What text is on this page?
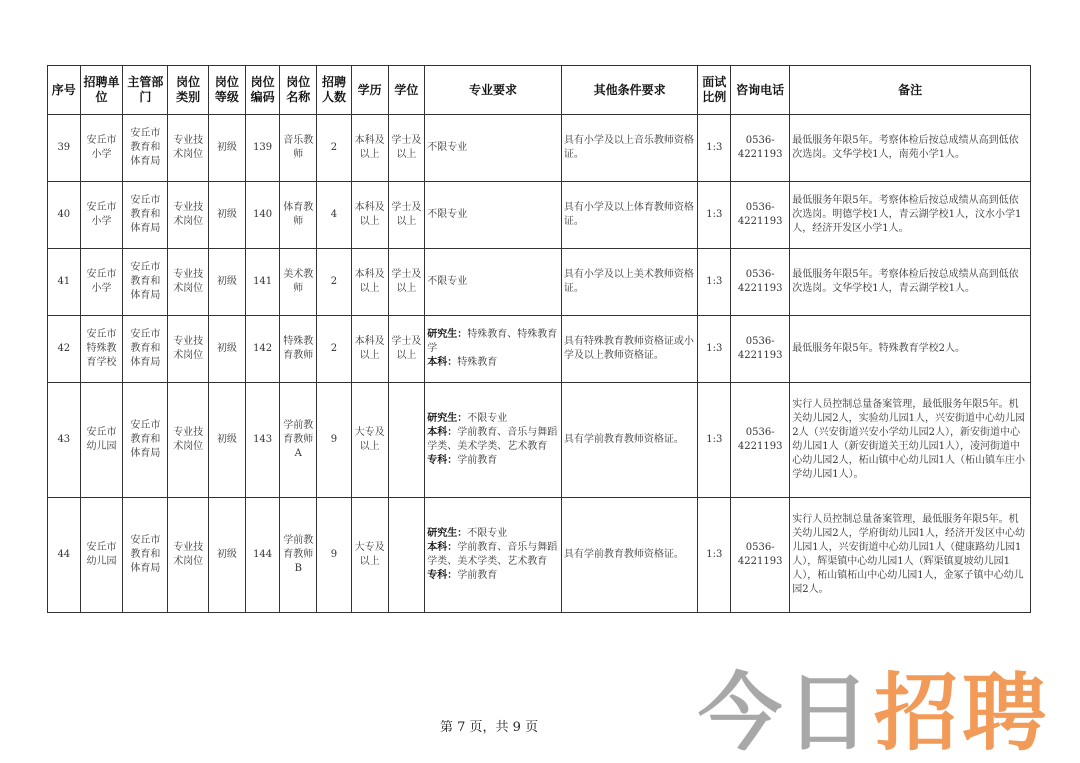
序号	招聘单位	主管部门	岗位类别	岗位等级	岗位编码	岗位名称	招聘人数	学历	学位	专业要求	其他条件要求	面试比例	咨询电话	备注
39	安丘市小学	安丘市教育和体育局	专业技术岗位	初级	139	音乐教师	2	本科及以上	学士及以上	不限专业	具有小学及以上音乐教师资格证。	1:3	0536-4221193	最低服务年限5年。考察体检后按总成绩从高到低依次选岗。文华学校1人，南苑小学1人。
40	安丘市小学	安丘市教育和体育局	专业技术岗位	初级	140	体育教师	4	本科及以上	学士及以上	不限专业	具有小学及以上体育教师资格证。	1:3	0536-4221193	最低服务年限5年。考察体检后按总成绩从高到低依次选岗。明德学校1人，青云湖学校1人，汶水小学1人，经济开发区小学1人。
41	安丘市小学	安丘市教育和体育局	专业技术岗位	初级	141	美术教师	2	本科及以上	学士及以上	不限专业	具有小学及以上美术教师资格证。	1:3	0536-4221193	最低服务年限5年。考察体检后按总成绩从高到低依次选岗。文华学校1人，青云湖学校1人。
42	安丘市特殊教育学校	安丘市教育和体育局	专业技术岗位	初级	142	特殊教育教师	2	本科及以上	学士及以上	研究生：特殊教育、特殊教育学
本科：特殊教育	具有特殊教育教师资格证或小学及以上教师资格证。	1:3	0536-4221193	最低服务年限5年。特殊教育学校2人。
43	安丘市幼儿园	安丘市教育和体育局	专业技术岗位	初级	143	学前教育教师A	9	大专及以上		研究生：不限专业
本科：学前教育、音乐与舞蹈学类、美术学类、艺术教育
专科：学前教育	具有学前教育教师资格证。	1:3	0536-4221193	实行人员控制总量备案管理，最低服务年限5年。机关幼儿园2人，实验幼儿园1人，兴安街道中心幼儿园2人（兴安街道兴安小学幼儿园2人），新安街道中心幼儿园1人（新安街道关王幼儿园1人），凌河街道中心幼儿园2人，柘山镇中心幼儿园1人（柘山镇车庄小学幼儿园1人）。
44	安丘市幼儿园	安丘市教育和体育局	专业技术岗位	初级	144	学前教育教师B	9	大专及以上		研究生：不限专业
本科：学前教育、音乐与舞蹈学类、美术学类、艺术教育
专科：学前教育	具有学前教育教师资格证。	1:3	0536-4221193	实行人员控制总量备案管理，最低服务年限5年。机关幼儿园2人，学府街幼儿园1人，经济开发区中心幼儿园1人，兴安街道中心幼儿园1人（健康路幼儿园1人），辉渠镇中心幼儿园1人（辉渠镇夏坡幼儿园1人），柘山镇柘山中心幼儿园1人，金冢子镇中心幼儿园2人。
第 7 页，共 9 页	今日招聘
